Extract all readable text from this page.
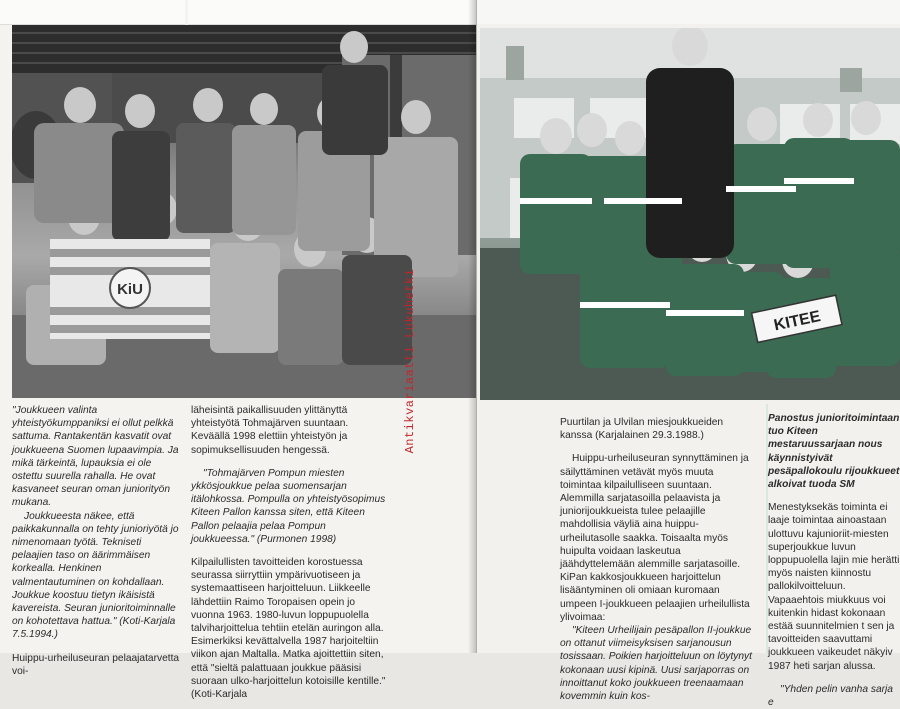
KiU

"Joukkueen valinta yhteistyökumppaniksi ei ollut pelkkä sattuma. Rantakentän kasvatit ovat joukkueena Suomen lupaavimpia. Ja mikä tärkeintä, lupauksia ei ole ostettu suurella rahalla. He ovat kasvaneet seuran oman juniorityön mukana.

Joukkueesta näkee, että paikkakunnalla on tehty junioriyötä jo nimenomaan työtä. Tekniseti pelaajien taso on äärimmäisen korkealla. Henkinen valmentautuminen on kohdallaan. Joukkue koostuu tietyn ikäisistä kavereista. Seuran junioritoiminnalle on kohotettava hattua." (Koti-Karjala 7.5.1994.)

Huippu-urheiluseuran pelaajatarvetta voi-

läheisintä paikallisuuden ylittänyttä yhteistyötä Tohmajärven suuntaan. Keväällä 1998 elettiin yhteistyön ja sopimuksellisuuden hengessä.

"Tohmajärven Pompun miesten ykkösjoukkue pelaa suomensarjan itälohkossa. Pompulla on yhteistyösopimus Kiteen Pallon kanssa siten, että Kiteen Pallon pelaajia pelaa Pompun joukkueessa." (Purmonen 1998)

Kilpailullisten tavoitteiden korostuessa seurassa siirryttiin ympärivuotiseen ja systemaattiseen harjoitteluun. Liikkeelle lähdettiin Raimo Toropaisen opein jo vuonna 1963. 1980-luvun loppupuolella talviharjoittelua tehtiin etelän auringon alla. Esimerkiksi kevättalvella 1987 harjoiteltiin viikon ajan Maltalla. Matka ajoittettiin siten, että "sieltä palattuaan joukkue pääsisi suoraan ulko-harjoittelun kotoisille kentille." (Koti-Karjala

Antikvariaatti Lukuhetki	KITEE

Puurtilan ja Ulvilan miesjoukkueiden kanssa (Karjalainen 29.3.1988.)

Huippu-urheiluseuran synnyttäminen ja säilyttäminen vetävät myös muuta toimintaa kilpailulliseen suuntaan. Alemmilla sarjatasoilla pelaavista ja juniorijoukkueista tulee pelaajille mahdollisia väyliä aina huippu-urheilutasolle saakka. Toisaalta myös huipulta voidaan laskeutua jäähdyttelemään alemmille sarjatasoille. KiPan kakkosjoukkueen harjoittelun lisääntyminen oli omiaan kuromaan umpeen I-joukkueen pelaajien urheilullista ylivoimaa:

"Kiteen Urheilijain pesäpallon II-joukkue on ottanut viimeisyksisen sarjanousun tosissaan. Poikien harjoitteluun on löytynyt kokonaan uusi kipinä. Uusi sarjaporras on innoittanut koko joukkueen treenaamaan kovemmin kuin kos-

Panostus junioritoimintaan tuo Kiteen mestaruussarjaan nous käynnistyivät pesäpallokoulu rijoukkueet alkoivat tuoda SM

Menestyksekäs toiminta ei laaje toimintaa ainoastaan ulottuvu kajunioriit-miesten superjoukkue luvun loppupuolella lajin mie herätti myös naisten kiinnostu pallokilvoitteluun. Vapaaehtois miukkuus voi kuitenkin hidast kokonaan estää suunnitelmien t sen ja tavoitteiden saavuttami joukkueen vaikeudet näkyiv 1987 heti sarjan alussa.

"Yhden pelin vanha sarja e
